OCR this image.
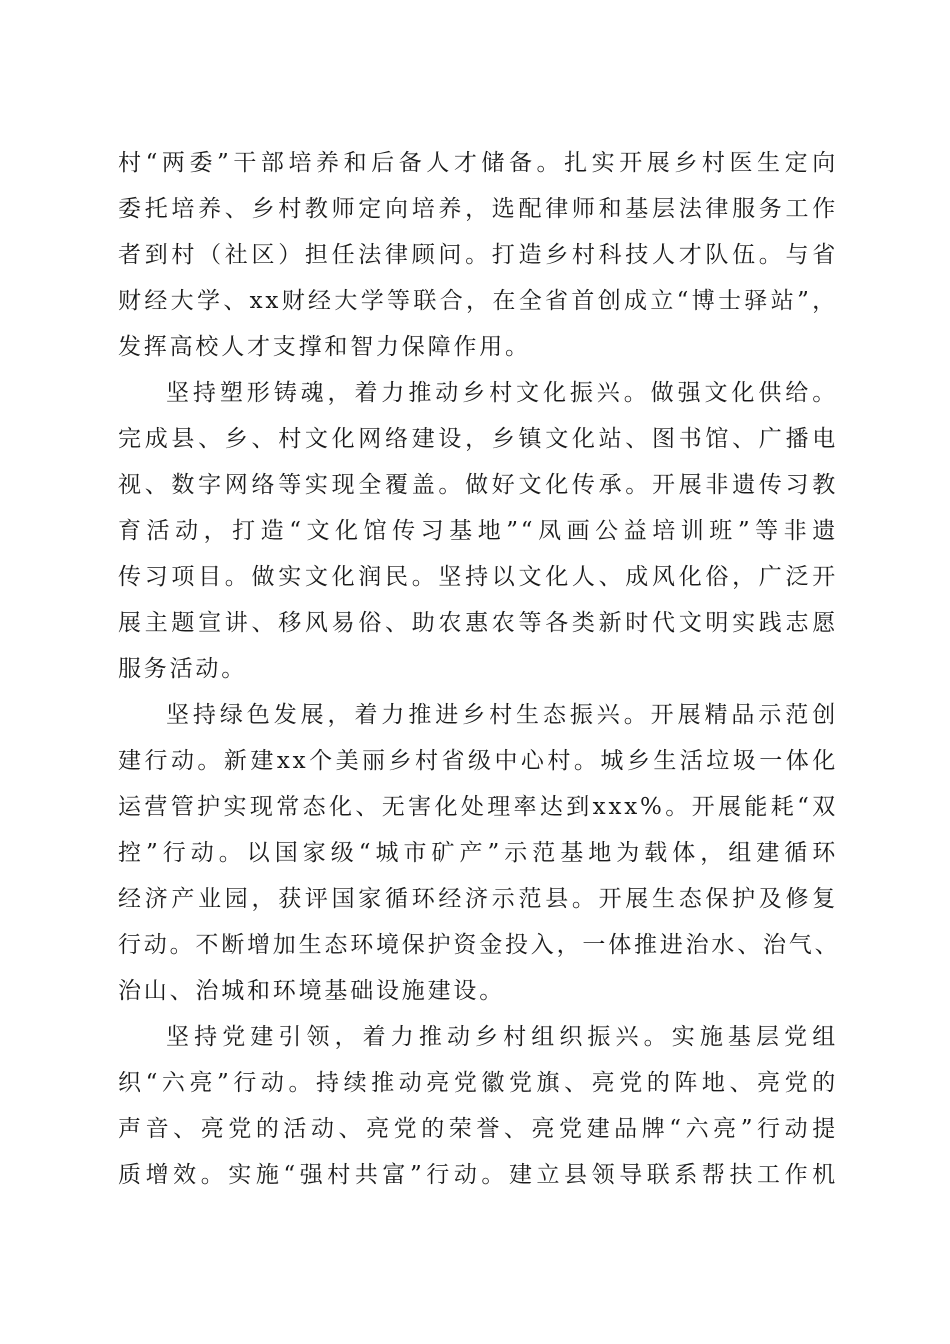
村“两委”干部培养和后备人才储备。扎实开展乡村医生定向
委托培养、乡村教师定向培养，选配律师和基层法律服务工作
者到村（社区）担任法律顾问。打造乡村科技人才队伍。与省
财经大学、xx财经大学等联合，在全省首创成立“博士驿站”，
发挥高校人才支撑和智力保障作用。
坚持塑形铸魂，着力推动乡村文化振兴。做强文化供给。
完成县、乡、村文化网络建设，乡镇文化站、图书馆、广播电
视、数字网络等实现全覆盖。做好文化传承。开展非遗传习教
育活动，打造“文化馆传习基地”“凤画公益培训班”等非遗
传习项目。做实文化润民。坚持以文化人、成风化俗，广泛开
展主题宣讲、移风易俗、助农惠农等各类新时代文明实践志愿
服务活动。
坚持绿色发展，着力推进乡村生态振兴。开展精品示范创
建行动。新建xx个美丽乡村省级中心村。城乡生活垃圾一体化
运营管护实现常态化、无害化处理率达到xxx%。开展能耗“双
控”行动。以国家级“城市矿产”示范基地为载体，组建循环
经济产业园，获评国家循环经济示范县。开展生态保护及修复
行动。不断增加生态环境保护资金投入，一体推进治水、治气、
治山、治城和环境基础设施建设。
坚持党建引领，着力推动乡村组织振兴。实施基层党组
织“六亮”行动。持续推动亮党徽党旗、亮党的阵地、亮党的
声音、亮党的活动、亮党的荣誉、亮党建品牌“六亮”行动提
质增效。实施“强村共富”行动。建立县领导联系帮扶工作机
